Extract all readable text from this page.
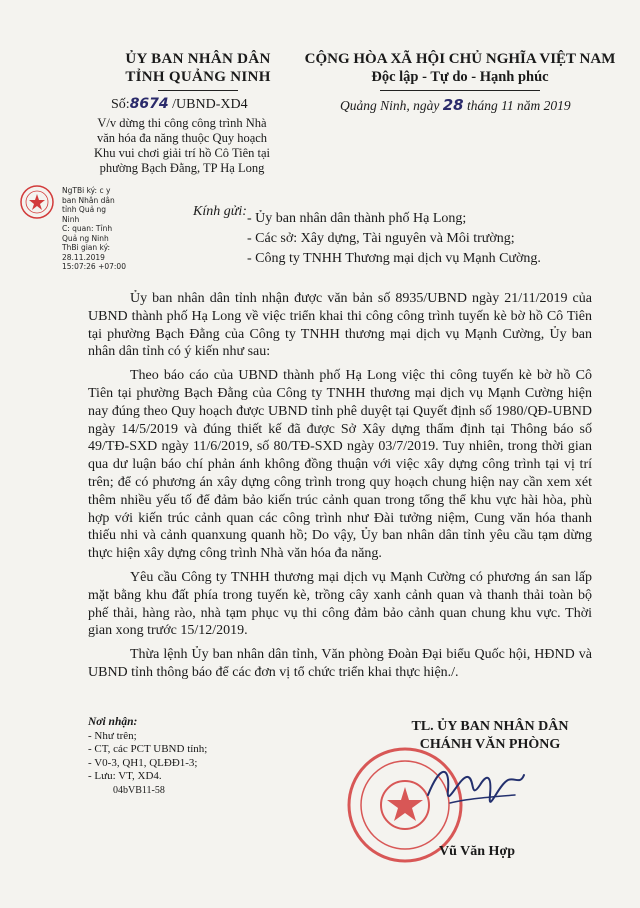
ỦY BAN NHÂN DÂN
TỈNH QUẢNG NINH
CỘNG HÒA XÃ HỘI CHỦ NGHĨA VIỆT NAM
Độc lập - Tự do - Hạnh phúc
Số:8674 /UBND-XD4	Quảng Ninh, ngày 28 tháng 11 năm 2019
V/v dừng thi công công trình Nhà
văn hóa đa năng thuộc Quy hoạch
Khu vui chơi giải trí hồ Cô Tiên tại
phường Bạch Đằng, TP Hạ Long
NgTBi ký: c y
ban Nhân dân
tỉnh Quả ng
Ninh
C: quan: Tỉnh
Quả ng Ninh
ThBi gian ký:
28.11.2019
15:07:26 +07:00
Kính gửi: - Ủy ban nhân dân thành phố Hạ Long;
- Các sở: Xây dựng, Tài nguyên và Môi trường;
- Công ty TNHH Thương mại dịch vụ Mạnh Cường.

Ủy ban nhân dân tỉnh nhận được văn bản số 8935/UBND ngày 21/11/2019 của UBND thành phố Hạ Long về việc triển khai thi công công trình tuyến kè bờ hồ Cô Tiên tại phường Bạch Đằng của Công ty TNHH thương mại dịch vụ Mạnh Cường, Ủy ban nhân dân tỉnh có ý kiến như sau:

Theo báo cáo của UBND thành phố Hạ Long việc thi công tuyến kè bờ hồ Cô Tiên tại phường Bạch Đằng của Công ty TNHH thương mại dịch vụ Mạnh Cường hiện nay đúng theo Quy hoạch được UBND tỉnh phê duyệt tại Quyết định số 1980/QĐ-UBND ngày 14/5/2019 và đúng thiết kế đã được Sở Xây dựng thẩm định tại Thông báo số 49/TĐ-SXD ngày 11/6/2019, số 80/TĐ-SXD ngày 03/7/2019. Tuy nhiên, trong thời gian qua dư luận báo chí phản ánh không đồng thuận với việc xây dựng công trình tại vị trí trên; để có phương án xây dựng công trình trong quy hoạch chung hiện nay cần xem xét thêm nhiều yếu tố để đảm bảo kiến trúc cảnh quan trong tổng thể khu vực hài hòa, phù hợp với kiến trúc cảnh quan các công trình như Đài tưởng niệm, Cung văn hóa thanh thiếu nhi và cảnh quanxung quanh hồ; Do vậy, Ủy ban nhân dân tỉnh yêu cầu tạm dừng thực hiện xây dựng công trình Nhà văn hóa đa năng.

Yêu cầu Công ty TNHH thương mại dịch vụ Mạnh Cường có phương án san lấp mặt bằng khu đất phía trong tuyến kè, trồng cây xanh cảnh quan và thanh thải toàn bộ phế thải, hàng rào, nhà tạm phục vụ thi công đảm bảo cảnh quan chung khu vực. Thời gian xong trước 15/12/2019.

Thừa lệnh Ủy ban nhân dân tỉnh, Văn phòng Đoàn Đại biểu Quốc hội, HĐND và UBND tỉnh thông báo để các đơn vị tổ chức triển khai thực hiện./.

Nơi nhận:
- Như trên;
- CT, các PCT UBND tỉnh;
- V0-3, QH1, QLĐĐ1-3;
- Lưu: VT, XD4.
04bVB11-58
TL. ỦY BAN NHÂN DÂN
CHÁNH VĂN PHÒNG
Vũ Văn Hợp
